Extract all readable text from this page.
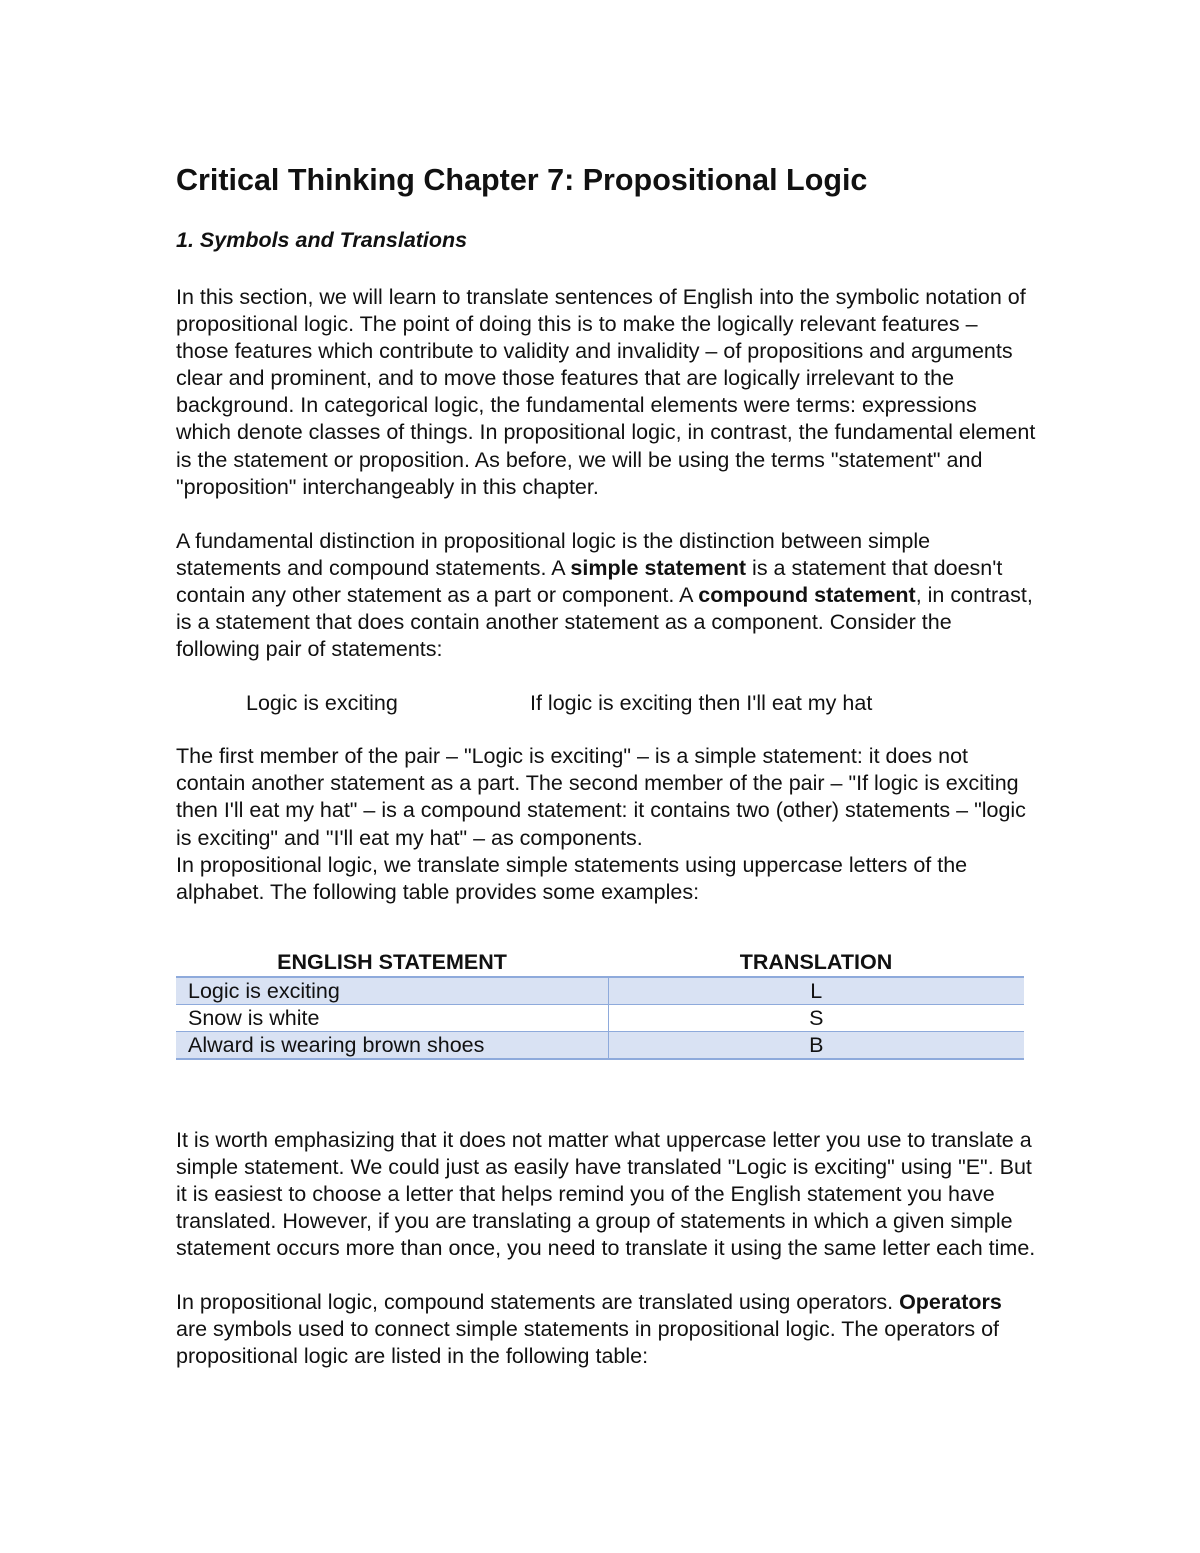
Critical Thinking Chapter 7: Propositional Logic
1. Symbols and Translations

In this section, we will learn to translate sentences of English into the symbolic notation of propositional logic. The point of doing this is to make the logically relevant features – those features which contribute to validity and invalidity – of propositions and arguments clear and prominent, and to move those features that are logically irrelevant to the background. In categorical logic, the fundamental elements were terms: expressions which denote classes of things. In propositional logic, in contrast, the fundamental element is the statement or proposition. As before, we will be using the terms "statement" and "proposition" interchangeably in this chapter.

A fundamental distinction in propositional logic is the distinction between simple statements and compound statements. A simple statement is a statement that doesn't contain any other statement as a part or component. A compound statement, in contrast, is a statement that does contain another statement as a component. Consider the following pair of statements:

Logic is exciting	If logic is exciting then I'll eat my hat

The first member of the pair – "Logic is exciting" – is a simple statement: it does not contain another statement as a part. The second member of the pair – "If logic is exciting then I'll eat my hat" – is a compound statement: it contains two (other) statements – "logic is exciting" and "I'll eat my hat" – as components.

In propositional logic, we translate simple statements using uppercase letters of the alphabet. The following table provides some examples:

ENGLISH STATEMENT	TRANSLATION
Logic is exciting	L
Snow is white	S
Alward is wearing brown shoes	B

It is worth emphasizing that it does not matter what uppercase letter you use to translate a simple statement. We could just as easily have translated "Logic is exciting" using "E". But it is easiest to choose a letter that helps remind you of the English statement you have translated. However, if you are translating a group of statements in which a given simple statement occurs more than once, you need to translate it using the same letter each time.

In propositional logic, compound statements are translated using operators. Operators are symbols used to connect simple statements in propositional logic. The operators of propositional logic are listed in the following table:
